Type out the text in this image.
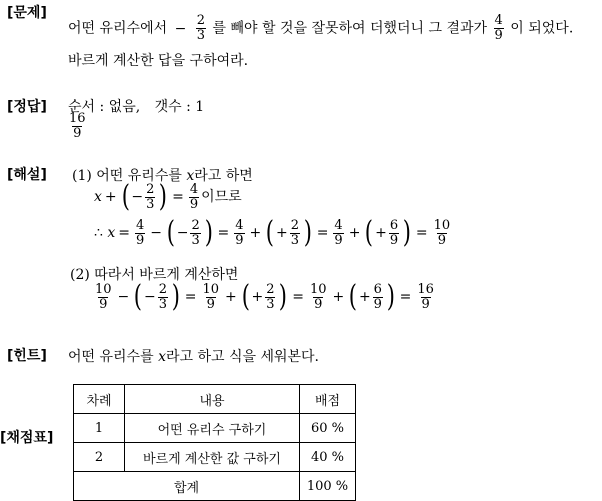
[문제]
어떤 유리수에서 − $\frac{2}{3}$ 를 빼야 할 것을 잘못하여 더했더니 그 결과가 $\frac{4}{9}$ 이 되었다.
바르게 계산한 답을 구하여라.
[정답] 순서 : 없음, 갯수 : 1
$\frac{16}{9}$
[해설] (1) 어떤 유리수를 x라고 하면
x + ( − $\frac{2}{3}$ ) = $\frac{4}{9}$ 이므로
∴ $x = \frac{4}{9}$ − ( − $\frac{2}{3}$ ) = $\frac{4}{9}$ + ( + $\frac{2}{3}$ ) = $\frac{4}{9}$ + ( + $\frac{6}{9}$ ) = $\frac{10}{9}$
(2) 따라서 바르게 계산하면
$\frac{10}{9}$ − ( − $\frac{2}{3}$ ) = $\frac{10}{9}$ + ( + $\frac{2}{3}$ ) = $\frac{10}{9}$ + ( + $\frac{6}{9}$ ) = $\frac{16}{9}$
[힌트] 어떤 유리수를 x라고 하고 식을 세워본다.
[채점표]
차례	내용	배점
1	어떤 유리수 구하기	60 %
2	바르게 계산한 값 구하기	40 %
합계		100 %
